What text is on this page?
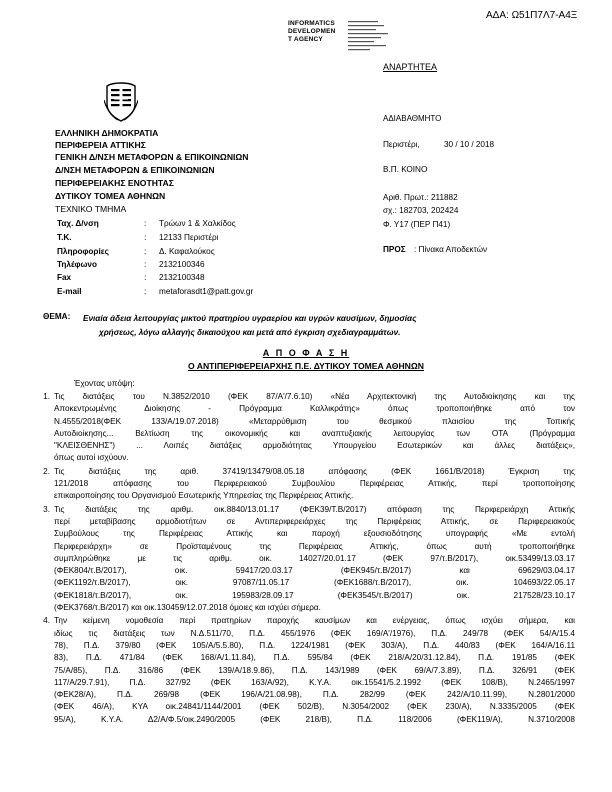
ΑΔΑ: Ω51Π7Λ7-Α4Ξ
INFORMATICS
DEVELOPMEN
T AGENCY
ΑΝΑΡΤΗΤΕΑ
ΑΔΙΑΒΑΘΜΗΤΟ
ΕΛΛΗΝΙΚΗ ΔΗΜΟΚΡΑΤΙΑ
ΠΕΡΙΦΕΡΕΙΑ ΑΤΤΙΚΗΣ
ΓΕΝΙΚΗ Δ/ΝΣΗ ΜΕΤΑΦΟΡΩΝ & ΕΠΙΚΟΙΝΩΝΙΩΝ
Δ/ΝΣΗ ΜΕΤΑΦΟΡΩΝ & ΕΠΙΚΟΙΝΩΝΙΩΝ
ΠΕΡΙΦΕΡΕΙΑΚΗΣ ΕΝΟΤΗΤΑΣ
ΔΥΤΙΚΟΥ ΤΟΜΕΑ ΑΘΗΝΩΝ
ΤΕΧΝΙΚΟ ΤΜΗΜΑ
Περιστέρι,	30 / 10 / 2018
Β.Π. ΚΟΙΝΟ
Αριθ. Πρωτ.: 211882
σχ.: 182703, 202424
Φ. Υ17 (ΠΕΡ Π41)
ΠΡΟΣ : Πίνακα Αποδεκτών
Ταχ. Δ/νση	: Τρώων 1 & Χαλκίδος
Τ.Κ.	: 12133 Περιστέρι
Πληροφορίες	: Δ. Καφαλούκος
Τηλέφωνο	: 2132100346
Fax	: 2132100348
E-mail	: metaforasdt1@patt.gov.gr
ΘΕΜΑ: Ενιαία άδεια λειτουργίας μικτού πρατηρίου υγραερίου και υγρών καυσίμων, δημοσίας
χρήσεως, λόγω αλλαγής δικαιούχου και μετά από έγκριση σχεδιαγραμμάτων.
Α Π Ο Φ Α Σ Η
Ο ΑΝΤΙΠΕΡΙΦΕΡΕΙΑΡΧΗΣ Π.Ε. ΔΥΤΙΚΟΥ ΤΟΜΕΑ ΑΘΗΝΩΝ
Έχοντας υπόψη:
1. Τις διατάξεις του Ν.3852/2010 (ΦΕΚ 87/Α'/7.6.10) «Νέα Αρχιτεκτονική της Αυτοδιοίκησης και της
Αποκεντρωμένης Διοίκησης - Πρόγραμμα Καλλικράτης» όπως τροποποιήθηκε από τον
Ν.4555/2018(ΦΕΚ 133/Α/19.07.2018) «Μεταρρύθμιση του θεσμικού πλαισίου της Τοπικής
Αυτοδιοίκησης... Βελτίωση της οικονομικής και αναπτυξιακής λειτουργίας των ΟΤΑ (Πρόγραμμα
"ΚΛΕΙΣΘΕΝΗΣ") ... Λοιπές διατάξεις αρμοδιότητας Υπουργείου Εσωτερικών και άλλες διατάξεις»,
όπως αυτοί ισχύουν.
2. Τις διατάξεις της αριθ. 37419/13479/08.05.18 απόφασης (ΦΕΚ 1661/Β/2018) Έγκριση της
121/2018 απόφασης του Περιφερειακού Συμβουλίου Περιφέρειας Αττικής, περί τροποποίησης
επικαιροποίησης του Οργανισμού Εσωτερικής Υπηρεσίας της Περιφέρειας Αττικής.
3. Τις διατάξεις της αριθμ. οικ.8840/13.01.17 (ΦΕΚ39/Τ.Β/2017) απόφαση της Περιφερειάρχη Αττικής
περί μεταβίβασης αρμοδιοτήτων σε Αντιπεριφερειάρχες της Περιφέρειας Αττικής, σε Περιφερειακούς
Συμβούλους της Περιφέρειας Αττικής και παροχή εξουσιοδότησης υπογραφής «Με εντολή
Περιφερειάρχη» σε Προϊσταμένους της Περιφέρειας Αττικής, όπως αυτή τροποποιήθηκε
συμπληρώθηκε με τις αριθμ. οικ. 14027/20.01.17 (ΦΕΚ 97/τ.Β/2017), οικ.53499/13.03.17
(ΦΕΚ804/τ.Β/2017), οικ. 59417/20.03.17 (ΦΕΚ945/τ.Β/2017) και 69629/03.04.17
(ΦΕΚ1192/τ.Β/2017), οικ. 97087/11.05.17 (ΦΕΚ1688/τ.Β/2017), οικ. 104693/22.05.17
(ΦΕΚ1818/τ.Β/2017), οικ. 195983/28.09.17 (ΦΕΚ3545/τ.Β/2017) οικ. 217528/23.10.17
(ΦΕΚ3768/τ.Β/2017) και οικ.130459/12.07.2018 όμοιες και ισχύει σήμερα.
4. Την κείμενη νομοθεσία περί πρατηρίων παροχής καυσίμων και ενέργειας, όπως ισχύει σήμερα, και
ιδίως τις διατάξεις των Ν.Δ.511/70, Π.Δ. 455/1976 (ΦΕΚ 169/Α'/1976), Π.Δ. 249/78 (ΦΕΚ 54/Α/15.4
78), Π.Δ. 379/80 (ΦΕΚ 105/Α/5.5.80), Π.Δ. 1224/1981 (ΦΕΚ 303/Α), Π.Δ. 440/83 (ΦΕΚ 164/Α/16.11
83), Π.Δ. 471/84 (ΦΕΚ 168/Α/1.11.84), Π.Δ. 595/84 (ΦΕΚ 218/Α/20/31.12.84), Π.Δ. 191/85 (ΦΕΚ
75/Α/85), Π.Δ. 316/86 (ΦΕΚ 139/Α/18.9.86), Π.Δ. 143/1989 (ΦΕΚ 69/Α/7.3.89), Π.Δ. 326/91 (ΦΕΚ
117/Α/29.7.91), Π.Δ. 327/92 (ΦΕΚ 163/Α/92), Κ.Υ.Α. οικ.15541/5.2.1992 (ΦΕΚ 108/Β), Ν.2465/1997
(ΦΕΚ28/Α), Π.Δ. 269/98 (ΦΕΚ 196/Α/21.08.98), Π.Δ. 282/99 (ΦΕΚ 242/Α/10.11.99), Ν.2801/2000
(ΦΕΚ 46/Α), ΚΥΑ οικ.24841/1144/2001 (ΦΕΚ 502/Β), Ν.3054/2002 (ΦΕΚ 230/Α), Ν.3335/2005 (ΦΕΚ
95/Α), Κ.Υ.Α. Δ2/Α/Φ.5/οικ.2490/2005 (ΦΕΚ 218/Β), Π.Δ. 118/2006 (ΦΕΚ119/Α), Ν.3710/2008
